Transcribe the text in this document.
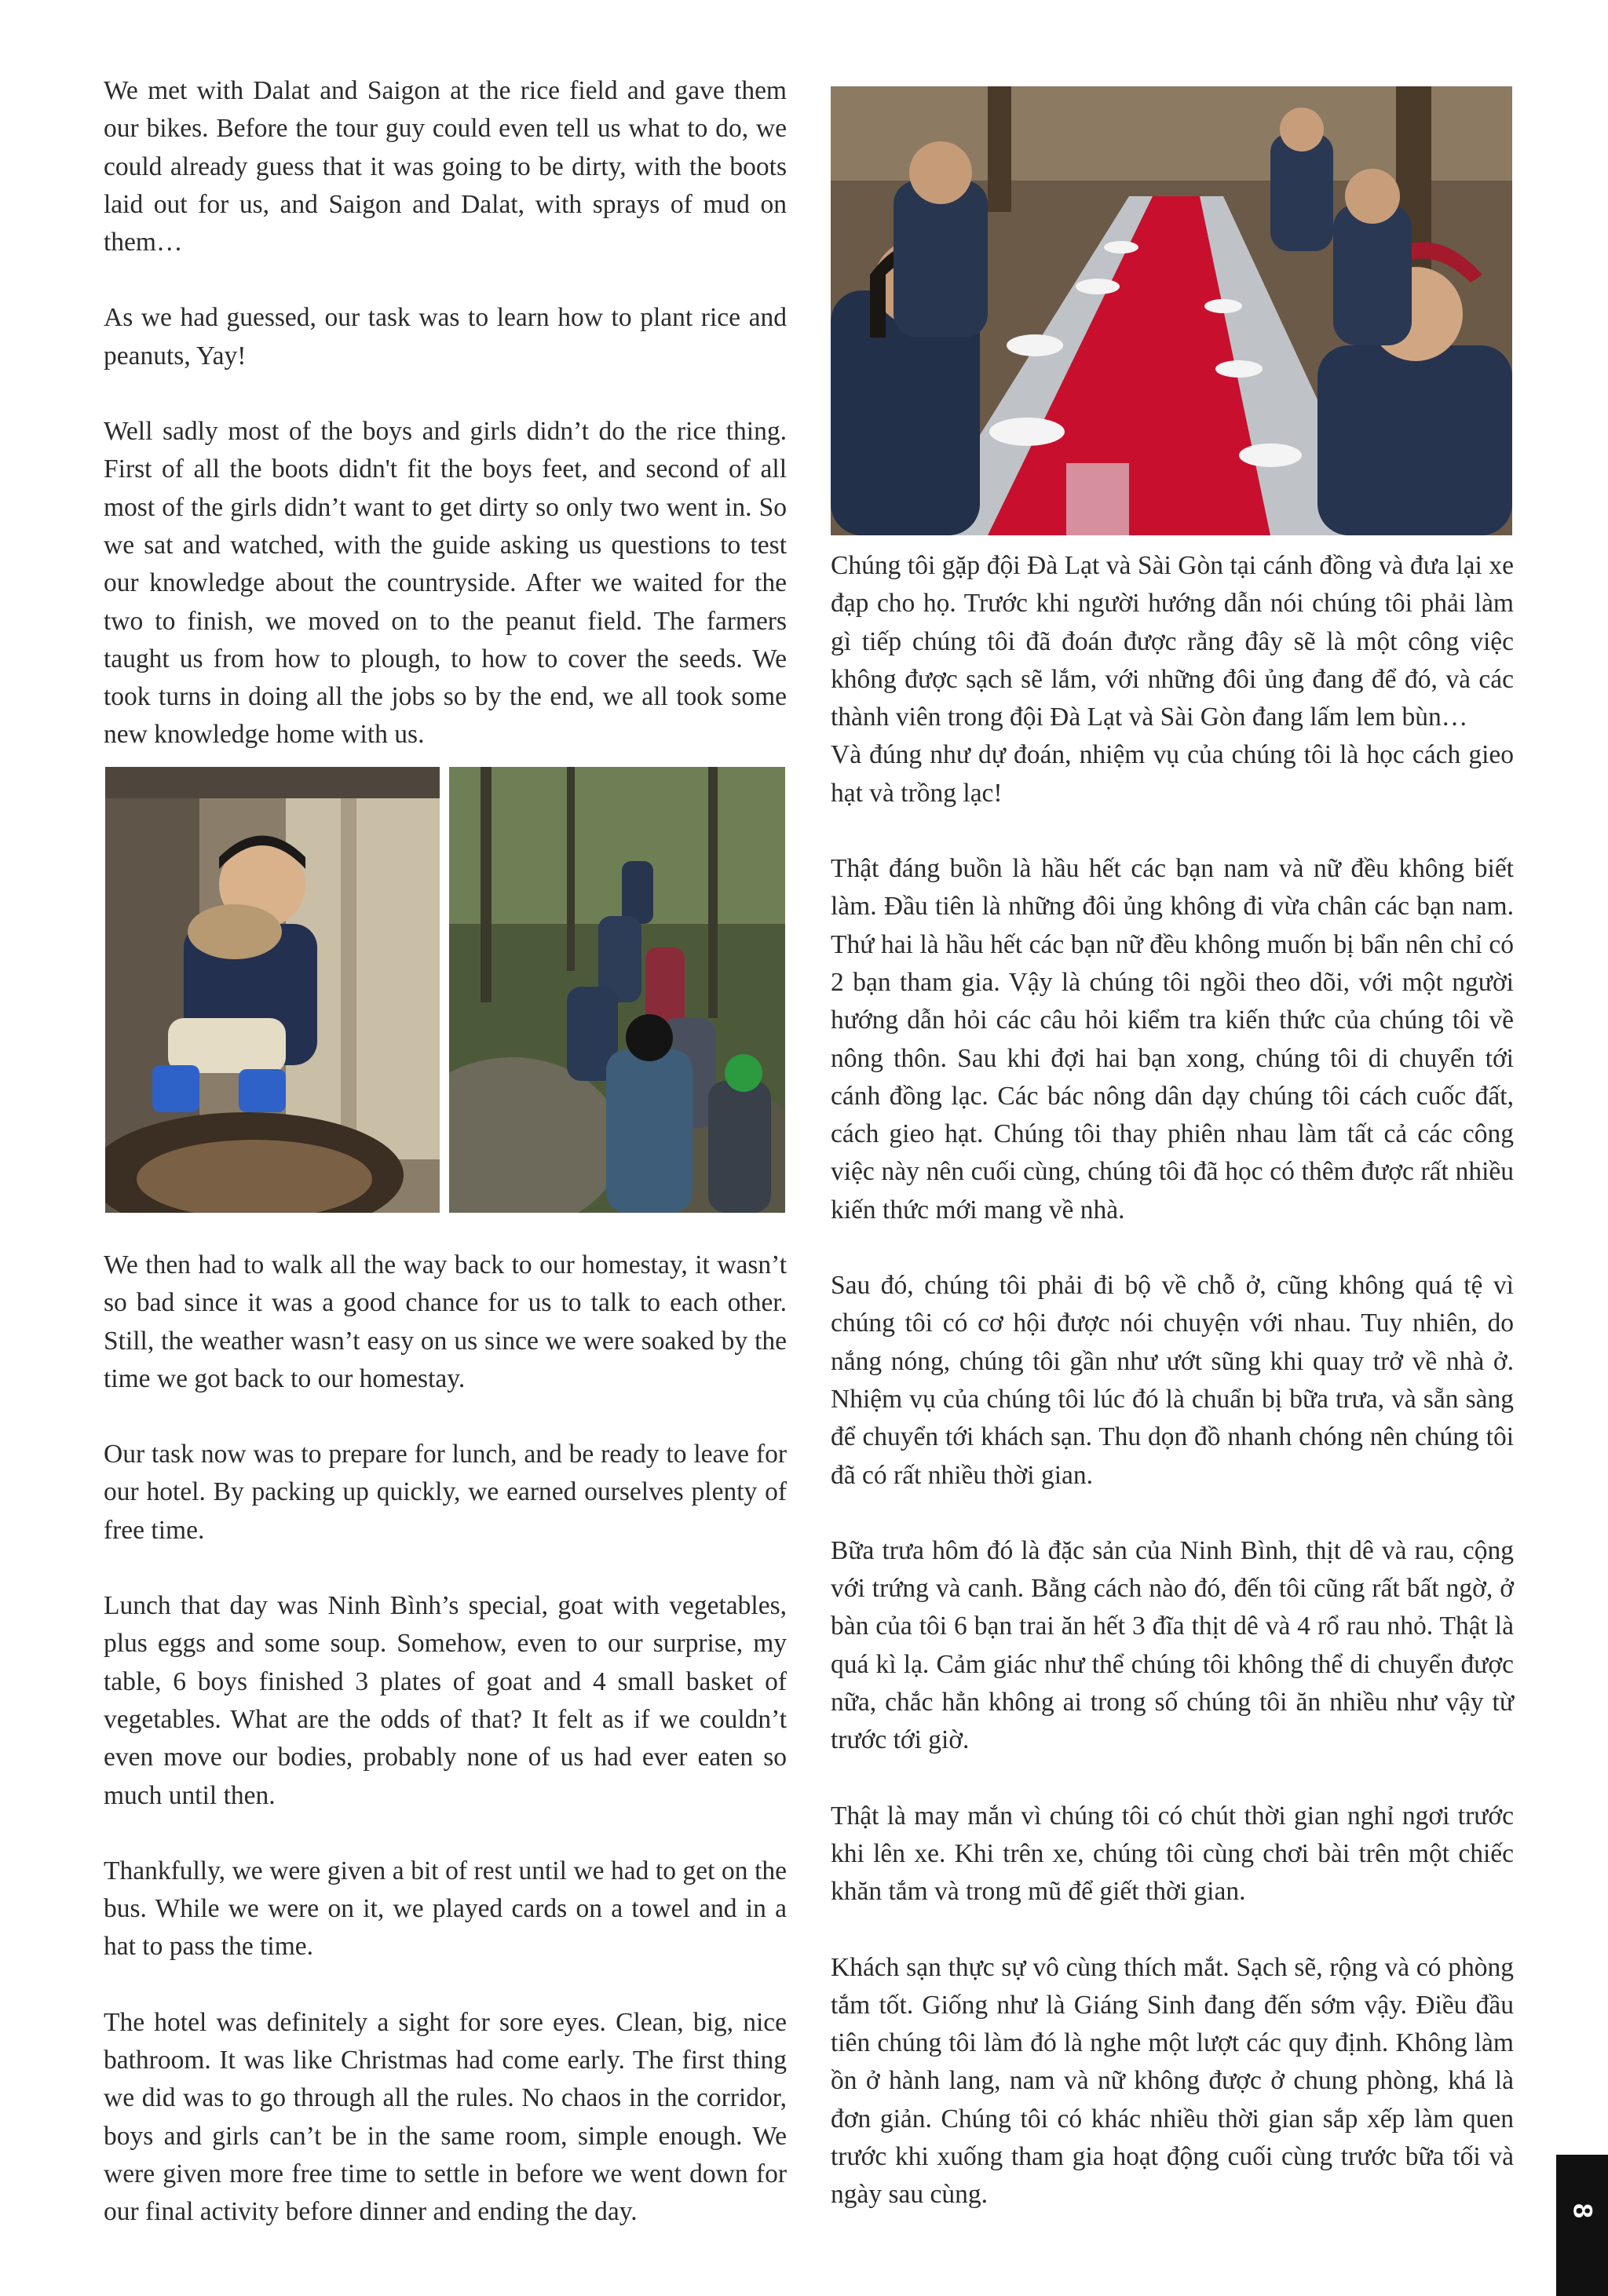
We met with Dalat and Saigon at the rice field and gave them our bikes. Before the tour guy could even tell us what to do, we could already guess that it was going to be dirty, with the boots laid out for us, and Saigon and Dalat, with sprays of mud on them…

As we had guessed, our task was to learn how to plant rice and peanuts, Yay!

Well sadly most of the boys and girls didn’t do the rice thing. First of all the boots didn't fit the boys feet, and second of all most of the girls didn’t want to get dirty so only two went in. So we sat and watched, with the guide asking us questions to test our knowledge about the countryside. After we waited for the two to finish, we moved on to the peanut field. The farmers taught us from how to plough, to how to cover the seeds. We took turns in doing all the jobs so by the end, we all took some new knowledge home with us.

We then had to walk all the way back to our homestay, it wasn’t so bad since it was a good chance for us to talk to each other. Still, the weather wasn’t easy on us since we were soaked by the time we got back to our homestay.

Our task now was to prepare for lunch, and be ready to leave for our hotel. By packing up quickly, we earned ourselves plenty of free time.

Lunch that day was Ninh Bình’s special, goat with vegetables, plus eggs and some soup. Somehow, even to our surprise, my table, 6 boys finished 3 plates of goat and 4 small basket of vegetables. What are the odds of that? It felt as if we couldn’t even move our bodies, probably none of us had ever eaten so much until then.

Thankfully, we were given a bit of rest until we had to get on the bus. While we were on it, we played cards on a towel and in a hat to pass the time.

The hotel was definitely a sight for sore eyes. Clean, big, nice bathroom. It was like Christmas had come early. The first thing we did was to go through all the rules. No chaos in the corridor, boys and girls can’t be in the same room, simple enough. We were given more free time to settle in before we went down for our final activity before dinner and ending the day.

Chúng tôi gặp đội Đà Lạt và Sài Gòn tại cánh đồng và đưa lại xe đạp cho họ. Trước khi người hướng dẫn nói chúng tôi phải làm gì tiếp chúng tôi đã đoán được rằng đây sẽ là một công việc không được sạch sẽ lắm, với những đôi ủng đang để đó, và các thành viên trong đội Đà Lạt và Sài Gòn đang lấm lem bùn…

Và đúng như dự đoán, nhiệm vụ của chúng tôi là học cách gieo hạt và trồng lạc!

Thật đáng buồn là hầu hết các bạn nam và nữ đều không biết làm. Đầu tiên là những đôi ủng không đi vừa chân các bạn nam. Thứ hai là hầu hết các bạn nữ đều không muốn bị bẩn nên chỉ có 2 bạn tham gia. Vậy là chúng tôi ngồi theo dõi, với một người hướng dẫn hỏi các câu hỏi kiểm tra kiến thức của chúng tôi về nông thôn. Sau khi đợi hai bạn xong, chúng tôi di chuyển tới cánh đồng lạc. Các bác nông dân dạy chúng tôi cách cuốc đất, cách gieo hạt. Chúng tôi thay phiên nhau làm tất cả các công việc này nên cuối cùng, chúng tôi đã học có thêm được rất nhiều kiến thức mới mang về nhà.

Sau đó, chúng tôi phải đi bộ về chỗ ở, cũng không quá tệ vì chúng tôi có cơ hội được nói chuyện với nhau. Tuy nhiên, do nắng nóng, chúng tôi gần như ướt sũng khi quay trở về nhà ở. Nhiệm vụ của chúng tôi lúc đó là chuẩn bị bữa trưa, và sẵn sàng để chuyển tới khách sạn. Thu dọn đồ nhanh chóng nên chúng tôi đã có rất nhiều thời gian.

Bữa trưa hôm đó là đặc sản của Ninh Bình, thịt dê và rau, cộng với trứng và canh. Bằng cách nào đó, đến tôi cũng rất bất ngờ, ở bàn của tôi 6 bạn trai ăn hết 3 đĩa thịt dê và 4 rổ rau nhỏ. Thật là quá kì lạ. Cảm giác như thể chúng tôi không thể di chuyển được nữa, chắc hẳn không ai trong số chúng tôi ăn nhiều như vậy từ trước tới giờ.

Thật là may mắn vì chúng tôi có chút thời gian nghỉ ngơi trước khi lên xe. Khi trên xe, chúng tôi cùng chơi bài trên một chiếc khăn tắm và trong mũ để giết thời gian.

Khách sạn thực sự vô cùng thích mắt. Sạch sẽ, rộng và có phòng tắm tốt. Giống như là Giáng Sinh đang đến sớm vậy. Điều đầu tiên chúng tôi làm đó là nghe một lượt các quy định. Không làm ồn ở hành lang, nam và nữ không được ở chung phòng, khá là đơn giản. Chúng tôi có khác nhiều thời gian sắp xếp làm quen trước khi xuống tham gia hoạt động cuối cùng trước bữa tối và ngày sau cùng.

8
